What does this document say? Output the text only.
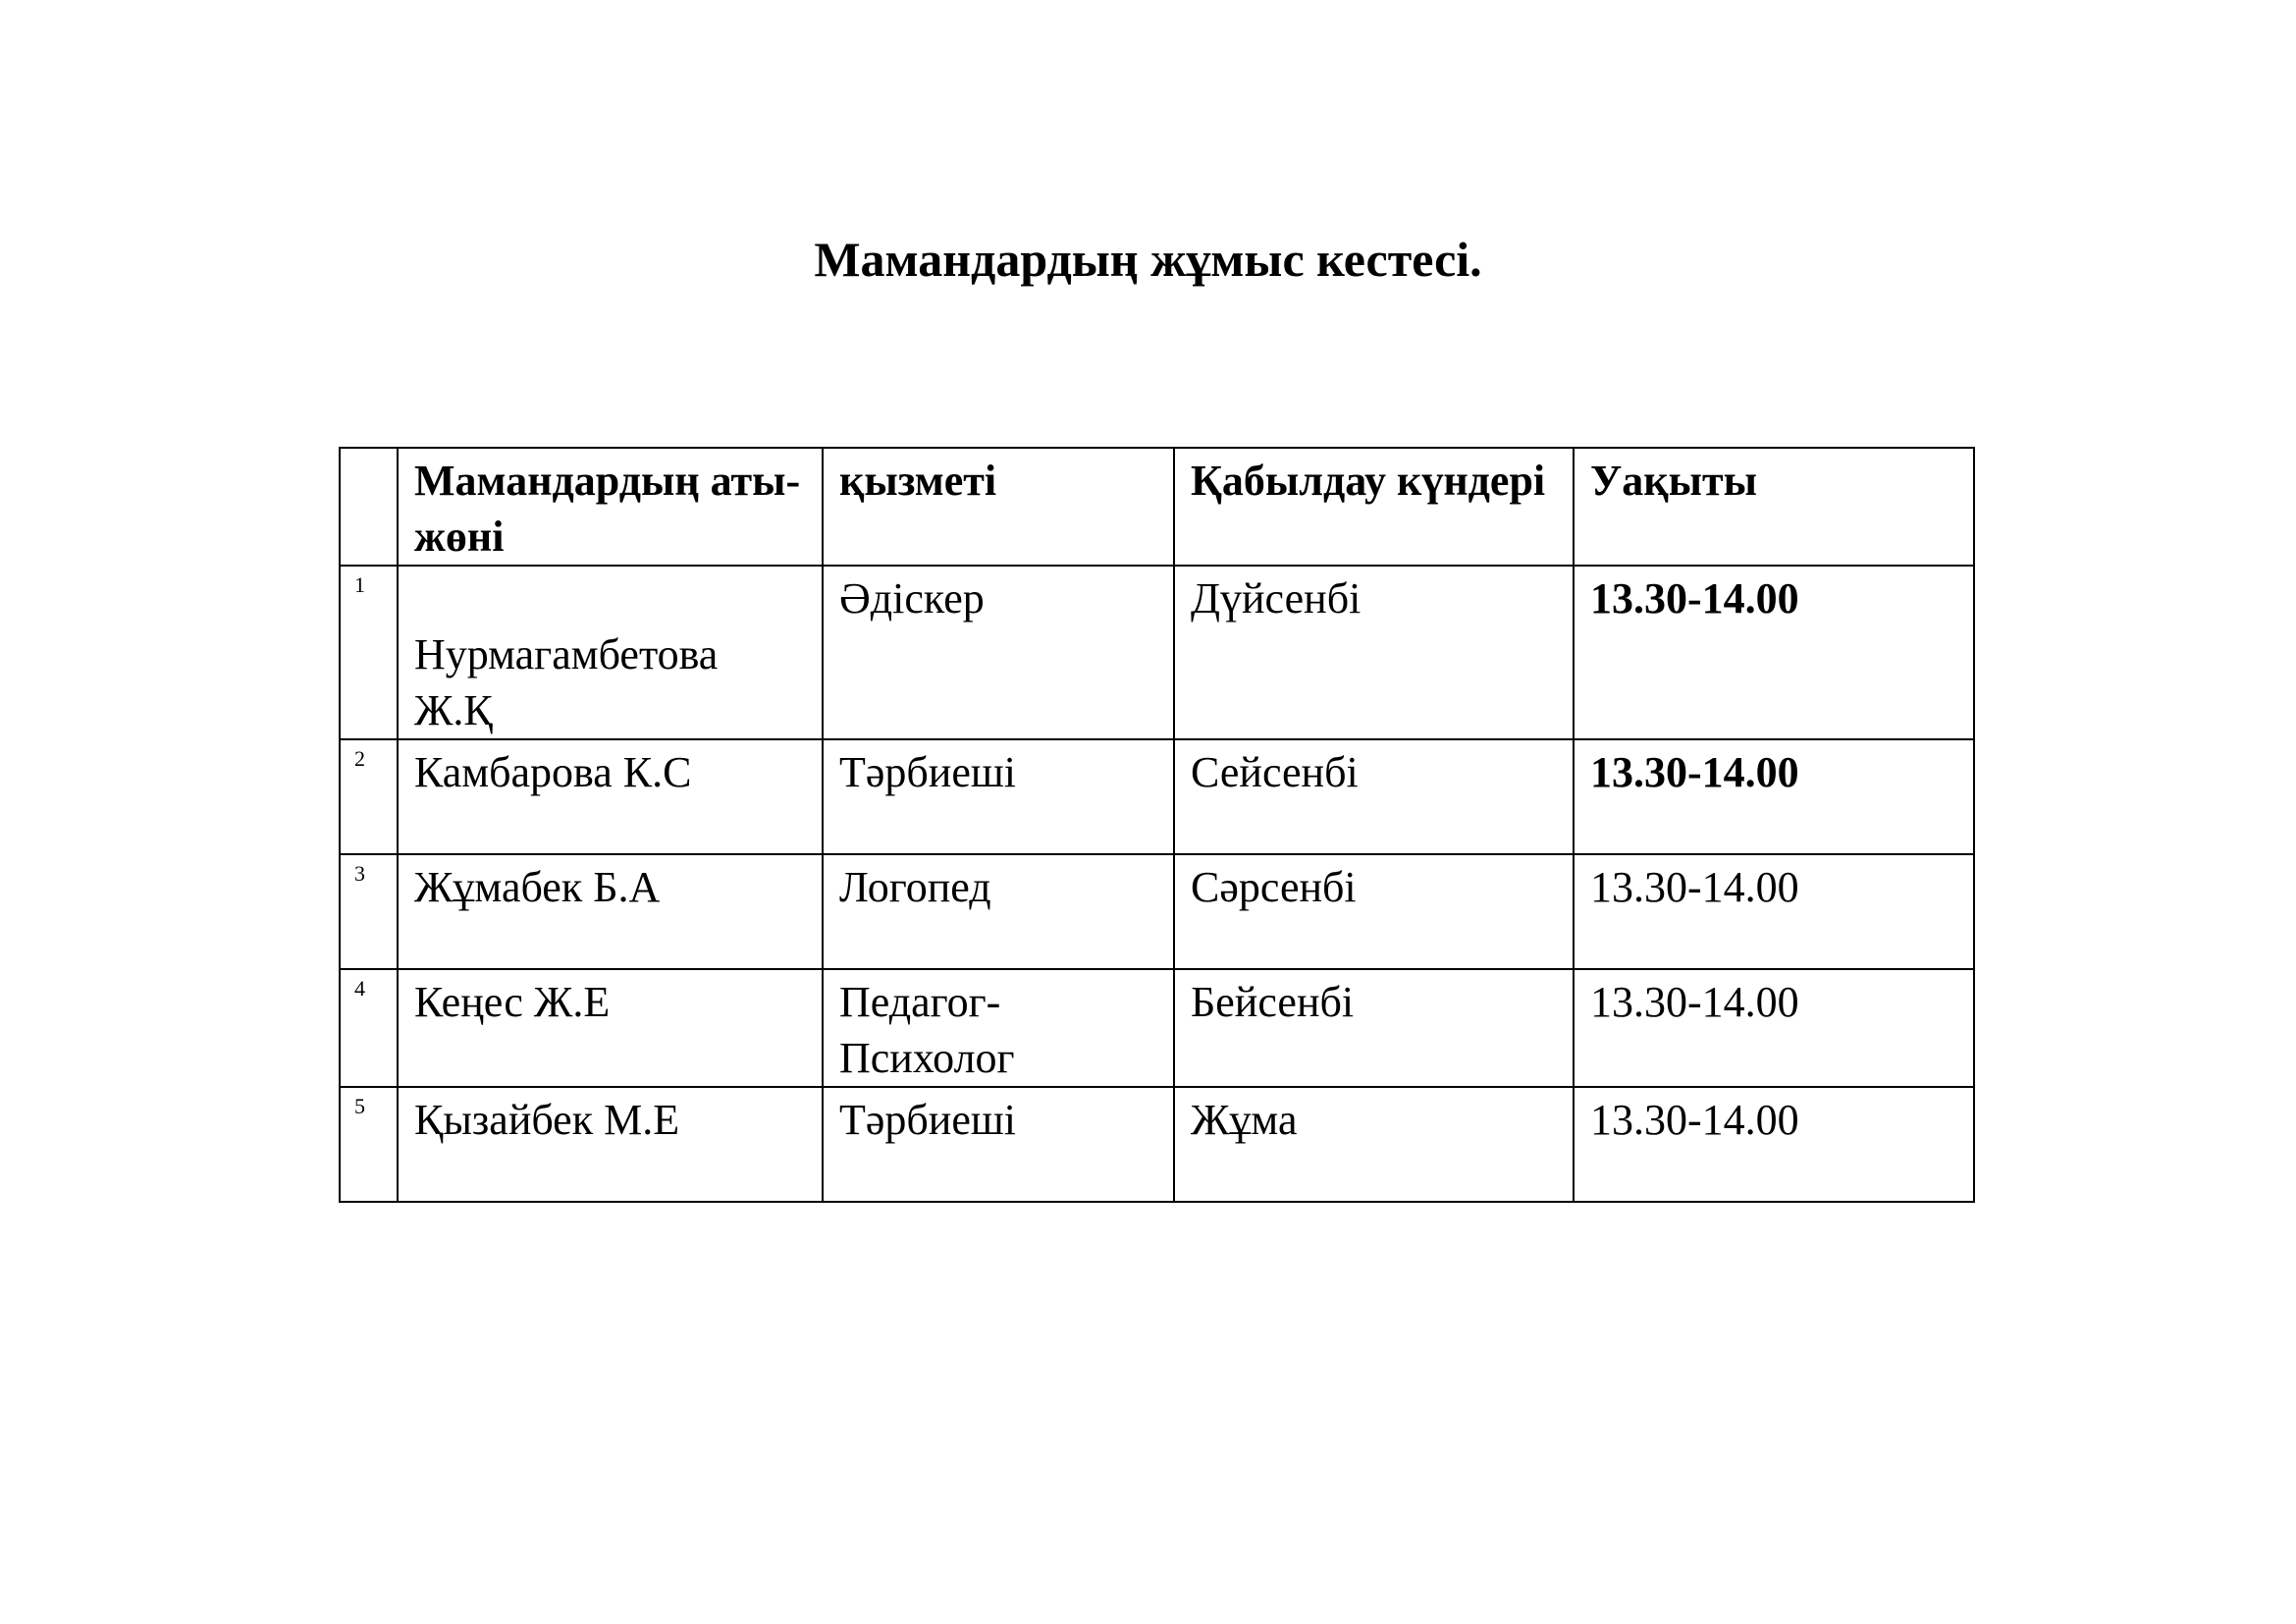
Мамандардың жұмыс кестесі.
	Мамандардың аты-жөні	қызметі	Қабылдау күндері	Уақыты
1	Нурмагамбетова Ж.Қ	Әдіскер	Дүйсенбі	13.30-14.00
2	Камбарова К.С	Тәрбиеші	Сейсенбі	13.30-14.00
3	Жұмабек Б.А	Логопед	Сәрсенбі	13.30-14.00
4	Кеңес Ж.Е	Педагог-Психолог	Бейсенбі	13.30-14.00
5	Қызайбек М.Е	Тәрбиеші	Жұма	13.30-14.00
